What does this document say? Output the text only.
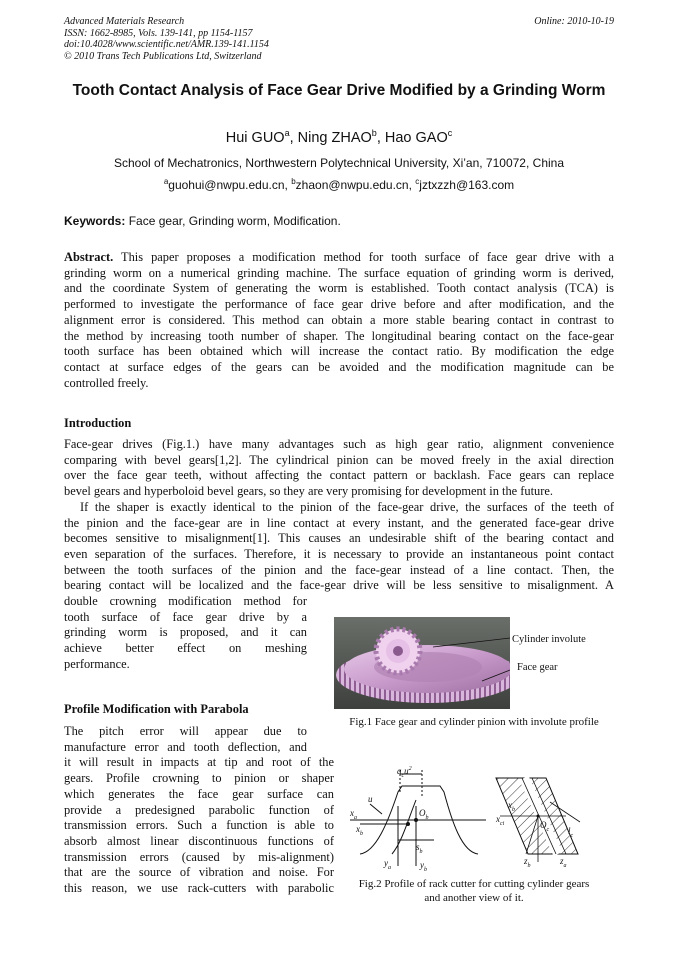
Advanced Materials Research
ISSN: 1662-8985, Vols. 139-141, pp 1154-1157
doi:10.4028/www.scientific.net/AMR.139-141.1154
© 2010 Trans Tech Publications Ltd, Switzerland
Online: 2010-10-19
Tooth Contact Analysis of Face Gear Drive Modified by a Grinding Worm
Hui GUO$^a$, Ning ZHAO$^b$, Hao GAO$^c$
School of Mechatronics, Northwestern Polytechnical University, Xi’an, 710072, China
$^a$guohui@nwpu.edu.cn, $^b$zhaon@nwpu.edu.cn, $^c$jztxzzh@163.com
Keywords: Face gear, Grinding worm, Modification.
Abstract. This paper proposes a modification method for tooth surface of face gear drive with a
grinding worm on a numerical grinding machine. The surface equation of grinding worm is derived,
and the coordinate System of generating the worm is established. Tooth contact analysis (TCA) is
performed to investigate the performance of face gear drive before and after modification, and the
alignment error is considered. This method can obtain a more stable bearing contact in contrast to
the method by increasing tooth number of shaper. The longitudinal bearing contact on the face-gear
tooth surface has been obtained which will increase the contact ratio. By modification the edge
contact at surface edges of the gears can be avoided and the modification magnitude can be
controlled freely.
Introduction
Face-gear drives (Fig.1.) have many advantages such as high gear ratio, alignment convenience
comparing with bevel gears[1,2]. The cylindrical pinion can be moved freely in the axial direction
over the face gear teeth, without affecting the contact pattern or backlash. Face gears can replace
bevel gears and hyperboloid bevel gears, so they are very promising for development in the future.
If the shaper is exactly identical to the pinion of the face-gear drive, the surfaces of the teeth of
the pinion and the face-gear are in line contact at every instant, and the generated face-gear drive
becomes sensitive to misalignment[1]. This causes an undesirable shift of the bearing contact and
even separation of the surfaces. Therefore, it is necessary to provide an instantaneous point contact
between the tooth surfaces of the pinion and the face-gear instead of a line contact. Then, the
bearing contact will be localized and the face-gear drive will be less sensitive to misalignment. A
double crowning modification method for
tooth surface of face gear drive by a
grinding worm is proposed, and it can
achieve better effect on meshing
performance.
Profile Modification with Parabola
The pitch error will appear due to
manufacture error and tooth deflection, and
it will result in impacts at tip and root of the
gears. Profile crowning to pinion or shaper
which generates the face gear surface can
provide a predesigned parabolic function of
transmission errors. Such a function is able to
absorb almost linear discontinuous functions of
transmission errors (caused by mis-alignment)
that are the source of vibration and noise. For
this reason, we use rack-cutters with parabolic
Cylinder involute
Face gear
Fig.1 Face gear and cylinder pinion with involute profile
$a_cu^2$
u
$x_a$
$x_b$
$O_b$
$s_b$
$y_a$	$y_b$
$x_b$
$x_{ci}$	$O_c$ $l_c$
$z_b$	$z_a$
Fig.2 Profile of rack cutter for cutting cylinder gears
and another view of it.
